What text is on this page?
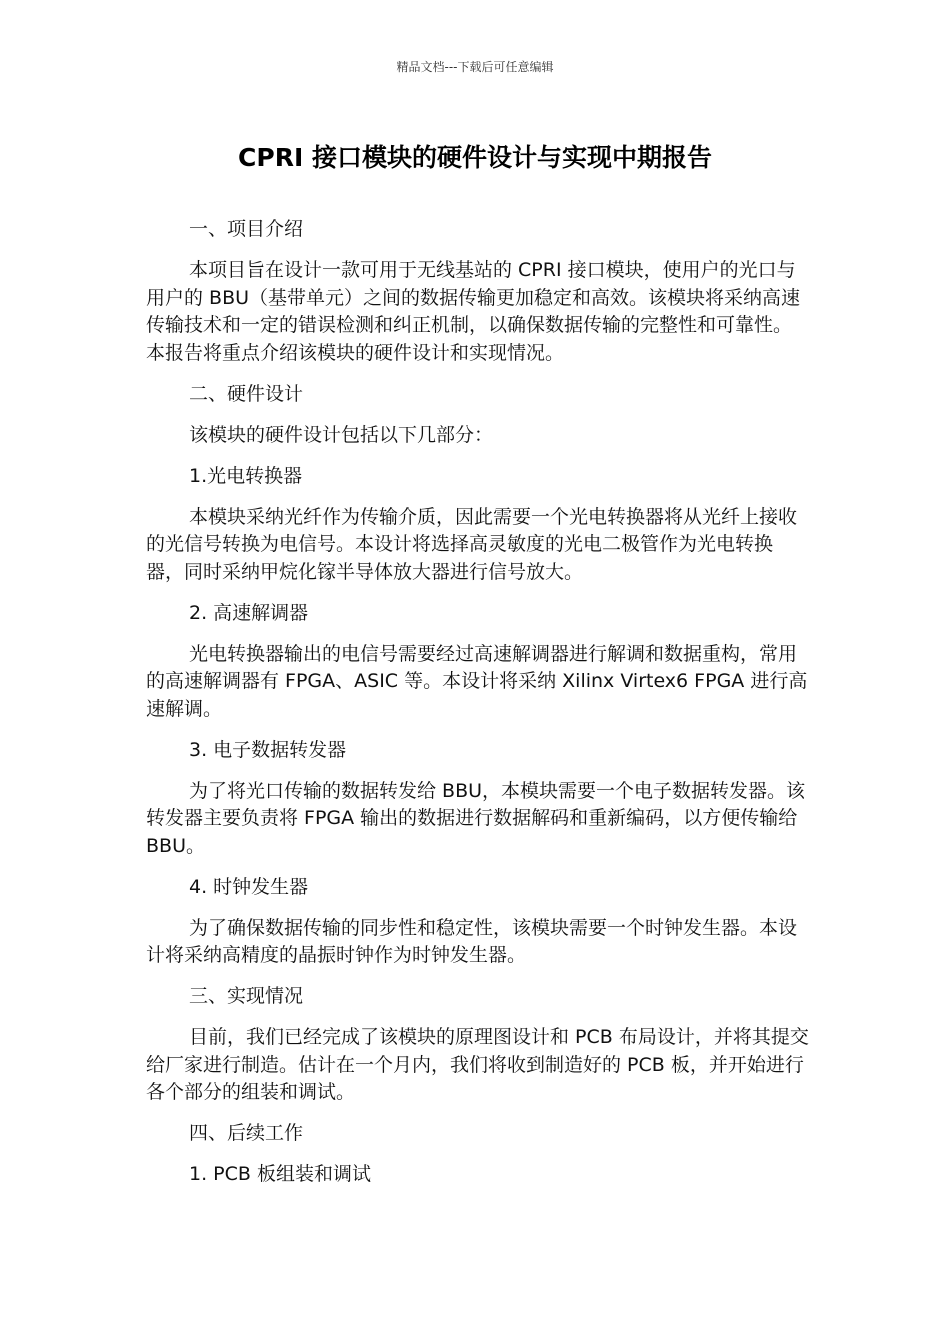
精品文档---下载后可任意编辑
CPRI 接口模块的硬件设计与实现中期报告
一、项目介绍

本项目旨在设计一款可用于无线基站的 CPRI 接口模块，使用户的光口与用户的 BBU（基带单元）之间的数据传输更加稳定和高效。该模块将采纳高速传输技术和一定的错误检测和纠正机制，以确保数据传输的完整性和可靠性。本报告将重点介绍该模块的硬件设计和实现情况。

二、硬件设计
该模块的硬件设计包括以下几部分：
1.光电转换器

本模块采纳光纤作为传输介质，因此需要一个光电转换器将从光纤上接收的光信号转换为电信号。本设计将选择高灵敏度的光电二极管作为光电转换器，同时采纳甲烷化镓半导体放大器进行信号放大。

2. 高速解调器

光电转换器输出的电信号需要经过高速解调器进行解调和数据重构，常用的高速解调器有 FPGA、ASIC 等。本设计将采纳 Xilinx Virtex6 FPGA 进行高速解调。

3. 电子数据转发器

为了将光口传输的数据转发给 BBU，本模块需要一个电子数据转发器。该转发器主要负责将 FPGA 输出的数据进行数据解码和重新编码，以方便传输给 BBU。

4. 时钟发生器

为了确保数据传输的同步性和稳定性，该模块需要一个时钟发生器。本设计将采纳高精度的晶振时钟作为时钟发生器。

三、实现情况

目前，我们已经完成了该模块的原理图设计和 PCB 布局设计，并将其提交给厂家进行制造。估计在一个月内，我们将收到制造好的 PCB 板，并开始进行各个部分的组装和调试。

四、后续工作
1. PCB 板组装和调试
